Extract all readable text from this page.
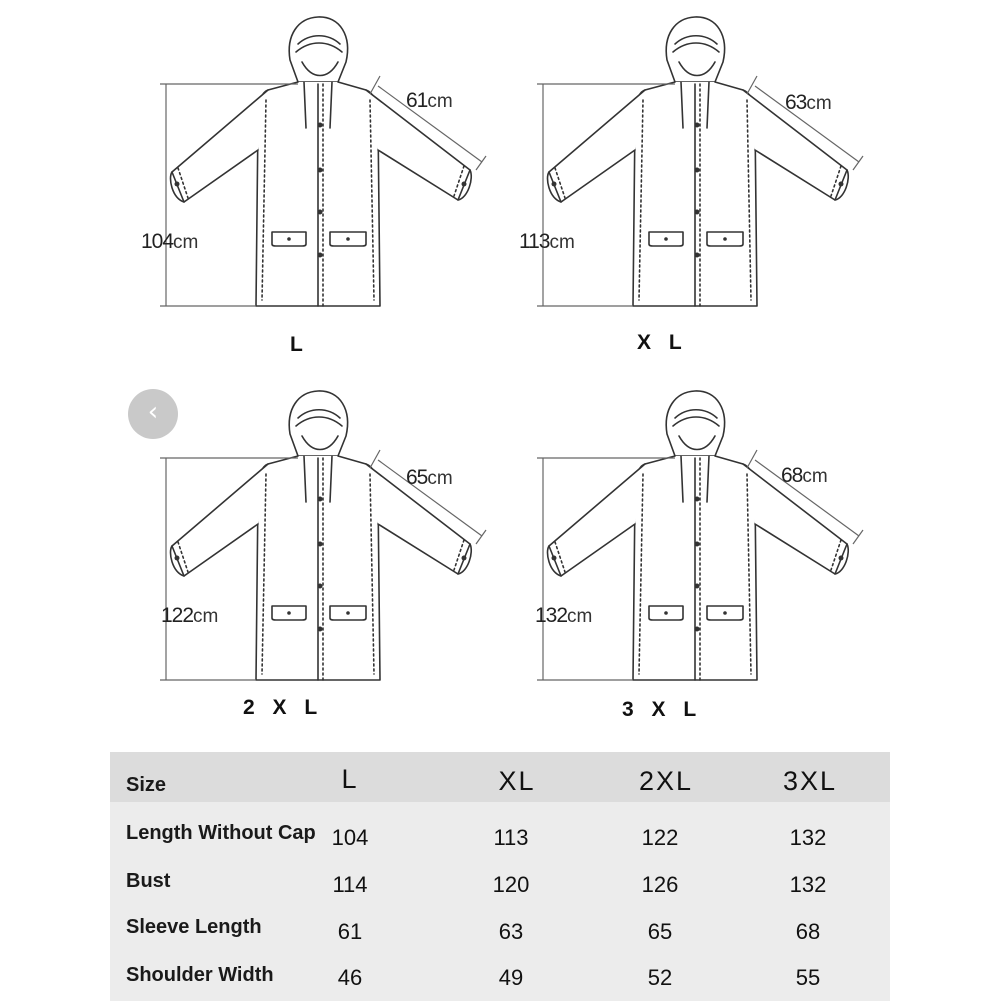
104cm
61cm
L
113cm
63cm
X L
122cm
65cm
2 X L
132cm
68cm
3 X L
‹
Size	L	XL	2XL	3XL
Length Without Cap 104	113	122	132
Bust	114	120	126	132
Sleeve Length	61	63	65	68
Shoulder Width	46	49	52	55
